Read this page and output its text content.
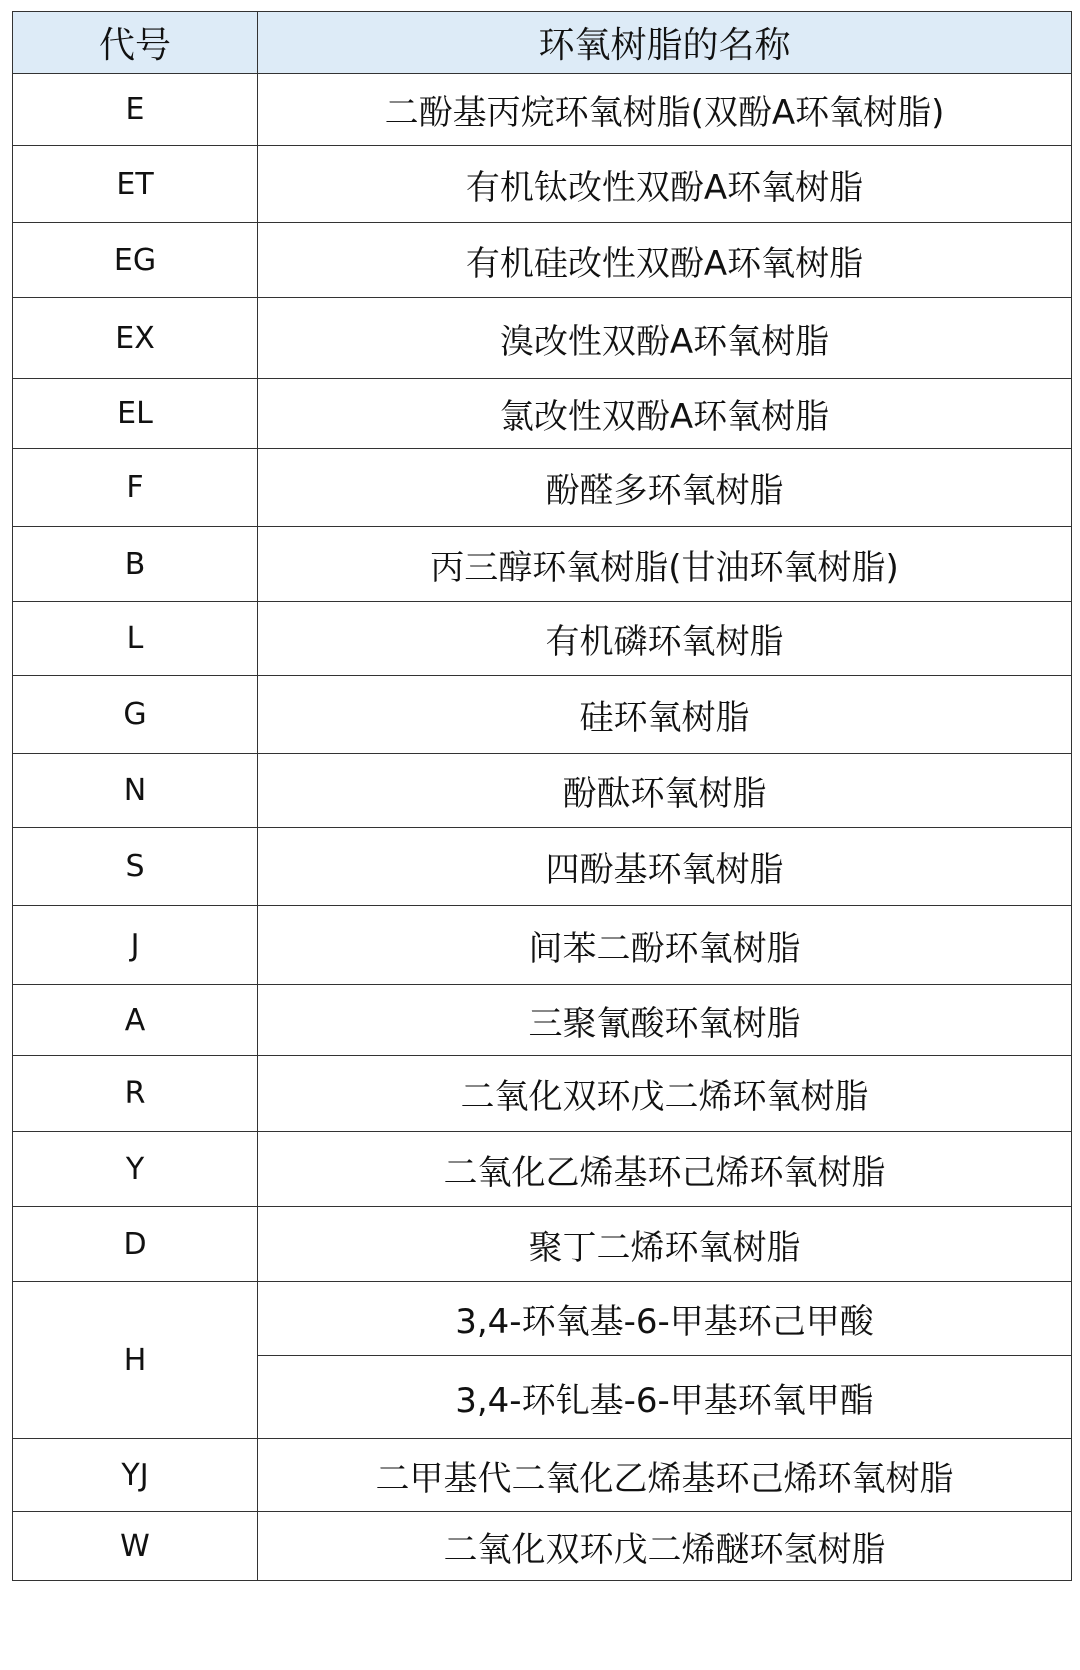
代号	环氧树脂的名称
E	二酚基丙烷环氧树脂(双酚A环氧树脂)
ET	有机钛改性双酚A环氧树脂
EG	有机硅改性双酚A环氧树脂
EX	溴改性双酚A环氧树脂
EL	氯改性双酚A环氧树脂
F	酚醛多环氧树脂
B	丙三醇环氧树脂(甘油环氧树脂)
L	有机磷环氧树脂
G	硅环氧树脂
N	酚酞环氧树脂
S	四酚基环氧树脂
J	间苯二酚环氧树脂
A	三聚氰酸环氧树脂
R	二氧化双环戊二烯环氧树脂
Y	二氧化乙烯基环己烯环氧树脂
D	聚丁二烯环氧树脂
H	3,4-环氧基-6-甲基环己甲酸
	3,4-环钆基-6-甲基环氧甲酯
YJ	二甲基代二氧化乙烯基环己烯环氧树脂
W	二氧化双环戊二烯醚环氢树脂
